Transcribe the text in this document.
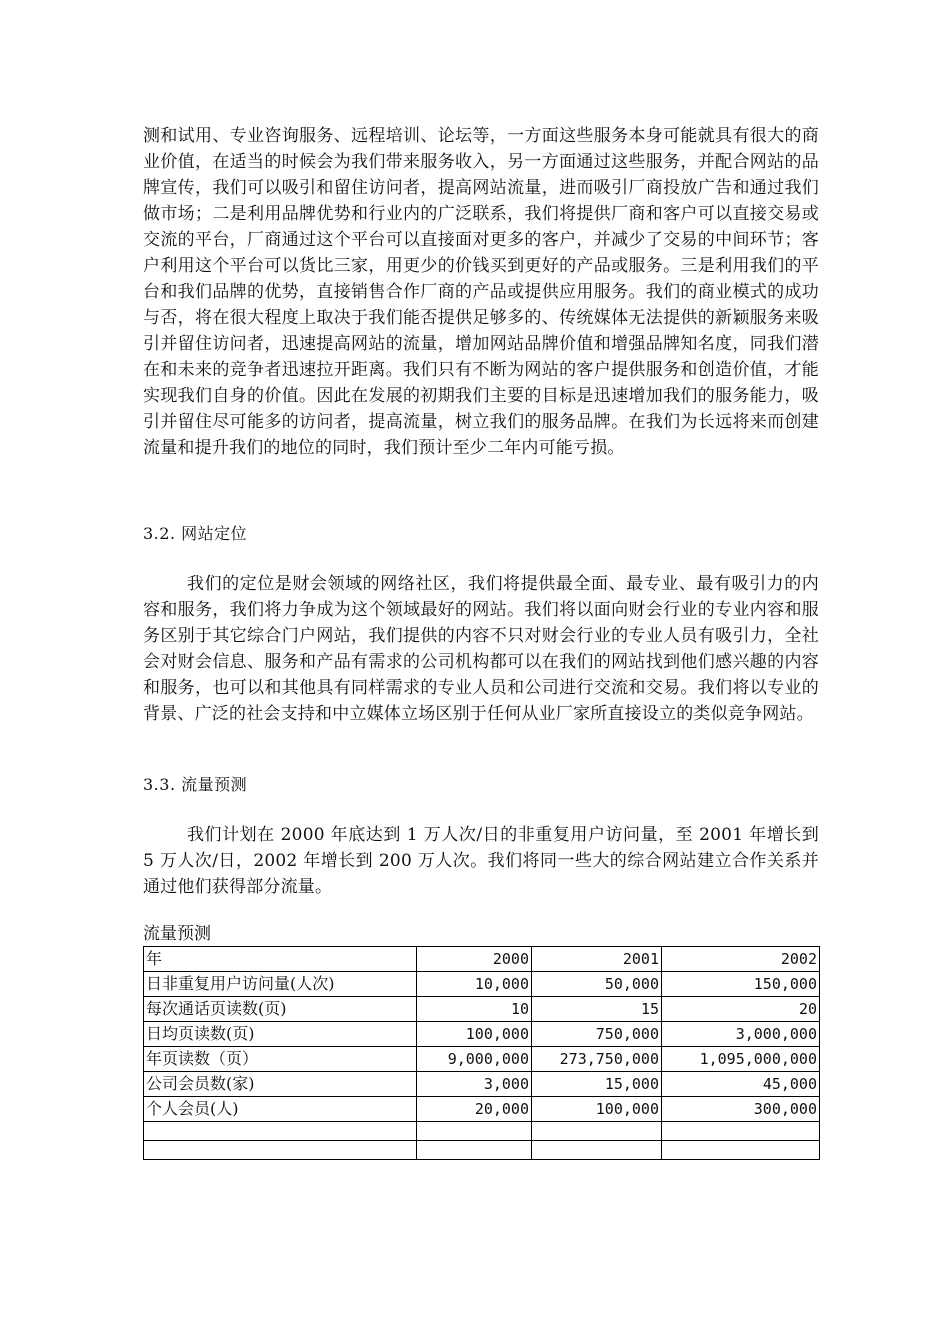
测和试用、专业咨询服务、远程培训、论坛等，一方面这些服务本身可能就具有很大的商业价值，在适当的时候会为我们带来服务收入，另一方面通过这些服务，并配合网站的品牌宣传，我们可以吸引和留住访问者，提高网站流量，进而吸引厂商投放广告和通过我们做市场；二是利用品牌优势和行业内的广泛联系，我们将提供厂商和客户可以直接交易或交流的平台，厂商通过这个平台可以直接面对更多的客户，并减少了交易的中间环节；客户利用这个平台可以货比三家，用更少的价钱买到更好的产品或服务。三是利用我们的平台和我们品牌的优势，直接销售合作厂商的产品或提供应用服务。我们的商业模式的成功与否，将在很大程度上取决于我们能否提供足够多的、传统媒体无法提供的新颖服务来吸引并留住访问者，迅速提高网站的流量，增加网站品牌价值和增强品牌知名度，同我们潜在和未来的竞争者迅速拉开距离。我们只有不断为网站的客户提供服务和创造价值，才能实现我们自身的价值。因此在发展的初期我们主要的目标是迅速增加我们的服务能力，吸引并留住尽可能多的访问者，提高流量，树立我们的服务品牌。在我们为长远将来而创建流量和提升我们的地位的同时，我们预计至少二年内可能亏损。

3.2. 网站定位

我们的定位是财会领域的网络社区，我们将提供最全面、最专业、最有吸引力的内容和服务，我们将力争成为这个领域最好的网站。我们将以面向财会行业的专业内容和服务区别于其它综合门户网站，我们提供的内容不只对财会行业的专业人员有吸引力，全社会对财会信息、服务和产品有需求的公司机构都可以在我们的网站找到他们感兴趣的内容和服务，也可以和其他具有同样需求的专业人员和公司进行交流和交易。我们将以专业的背景、广泛的社会支持和中立媒体立场区别于任何从业厂家所直接设立的类似竞争网站。

3.3. 流量预测

我们计划在 2000 年底达到 1 万人次/日的非重复用户访问量，至 2001 年增长到 5 万人次/日，2002 年增长到 200 万人次。我们将同一些大的综合网站建立合作关系并通过他们获得部分流量。

流量预测
年	2000	2001	2002
日非重复用户访问量(人次)	10,000	50,000	150,000
每次通话页读数(页)	10	15	20
日均页读数(页)	100,000	750,000	3,000,000
年页读数（页）	9,000,000	273,750,000	1,095,000,000
公司会员数(家)	3,000	15,000	45,000
个人会员(人)	20,000	100,000	300,000
